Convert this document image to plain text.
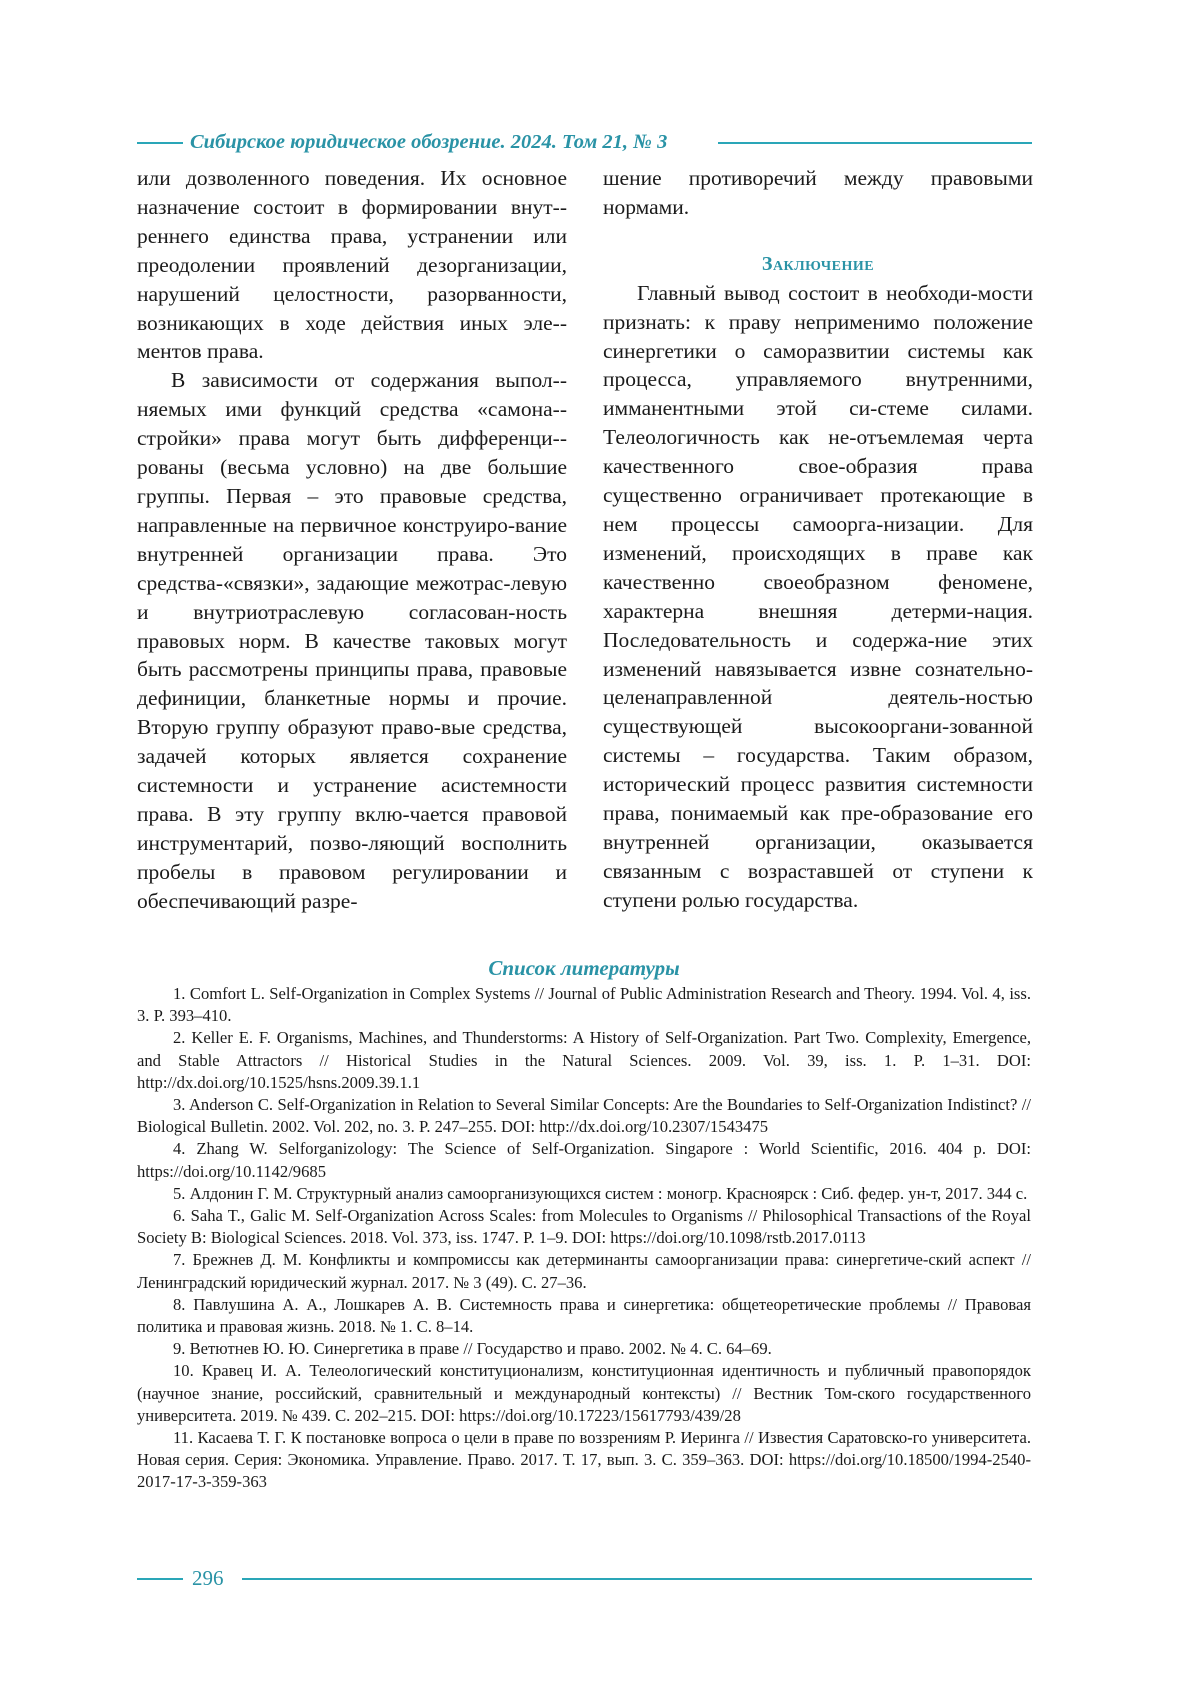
Сибирское юридическое обозрение. 2024. Том 21, № 3

или дозволенного поведения. Их основное назначение состоит в формировании внут-реннего единства права, устранении или преодолении проявлений дезорганизации, нарушений целостности, разорванности, возникающих в ходе действия иных эле-ментов права.

В зависимости от содержания выпол-няемых ими функций средства «самона-стройки» права могут быть дифференци-рованы (весьма условно) на две большие группы. Первая – это правовые средства, направленные на первичное конструиро-вание внутренней организации права. Это средства-«связки», задающие межотрас-левую и внутриотраслевую согласован-ность правовых норм. В качестве таковых могут быть рассмотрены принципы права, правовые дефиниции, бланкетные нормы и прочие. Вторую группу образуют право-вые средства, задачей которых является сохранение системности и устранение асистемности права. В эту группу вклю-чается правовой инструментарий, позво-ляющий восполнить пробелы в правовом регулировании и обеспечивающий разре-

шение противоречий между правовыми нормами.

Заключение

Главный вывод состоит в необходи-мости признать: к праву неприменимо положение синергетики о саморазвитии системы как процесса, управляемого внутренними, имманентными этой си-стеме силами. Телеологичность как не-отъемлемая черта качественного свое-образия права существенно ограничивает протекающие в нем процессы самоорга-низации. Для изменений, происходящих в праве как качественно своеобразном феномене, характерна внешняя детерми-нация. Последовательность и содержа-ние этих изменений навязывается извне сознательно-целенаправленной деятель-ностью существующей высокооргани-зованной системы – государства. Таким образом, исторический процесс развития системности права, понимаемый как пре-образование его внутренней организации, оказывается связанным с возраставшей от ступени к ступени ролью государства.

Список литературы
1. Comfort L. Self-Organization in Complex Systems // Journal of Public Administration Research and Theory. 1994. Vol. 4, iss. 3. P. 393–410.
2. Keller E. F. Organisms, Machines, and Thunderstorms: A History of Self-Organization. Part Two. Complexity, Emergence, and Stable Attractors // Historical Studies in the Natural Sciences. 2009. Vol. 39, iss. 1. P. 1–31. DOI: http://dx.doi.org/10.1525/hsns.2009.39.1.1
3. Anderson C. Self-Organization in Relation to Several Similar Concepts: Are the Boundaries to Self-Organization Indistinct? // Biological Bulletin. 2002. Vol. 202, no. 3. P. 247–255. DOI: http://dx.doi.org/10.2307/1543475
4. Zhang W. Selforganizology: The Science of Self-Organization. Singapore : World Scientific, 2016. 404 p. DOI: https://doi.org/10.1142/9685
5. Алдонин Г. М. Структурный анализ самоорганизующихся систем : моногр. Красноярск : Сиб. федер. ун-т, 2017. 344 с.
6. Saha T., Galic M. Self-Organization Across Scales: from Molecules to Organisms // Philosophical Transactions of the Royal Society B: Biological Sciences. 2018. Vol. 373, iss. 1747. P. 1–9. DOI: https://doi.org/10.1098/rstb.2017.0113
7. Брежнев Д. М. Конфликты и компромиссы как детерминанты самоорганизации права: синергетиче-ский аспект // Ленинградский юридический журнал. 2017. № 3 (49). С. 27–36.
8. Павлушина А. А., Лошкарев А. В. Системность права и синергетика: общетеоретические проблемы // Правовая политика и правовая жизнь. 2018. № 1. С. 8–14.
9. Ветютнев Ю. Ю. Синергетика в праве // Государство и право. 2002. № 4. С. 64–69.
10. Кравец И. А. Телеологический конституционализм, конституционная идентичность и публичный правопорядок (научное знание, российский, сравнительный и международный контексты) // Вестник Том-ского государственного университета. 2019. № 439. С. 202–215. DOI: https://doi.org/10.17223/15617793/439/28
11. Касаева Т. Г. К постановке вопроса о цели в праве по воззрениям Р. Иеринга // Известия Саратовско-го университета. Новая серия. Серия: Экономика. Управление. Право. 2017. Т. 17, вып. 3. С. 359–363. DOI: https://doi.org/10.18500/1994-2540-2017-17-3-359-363
296
